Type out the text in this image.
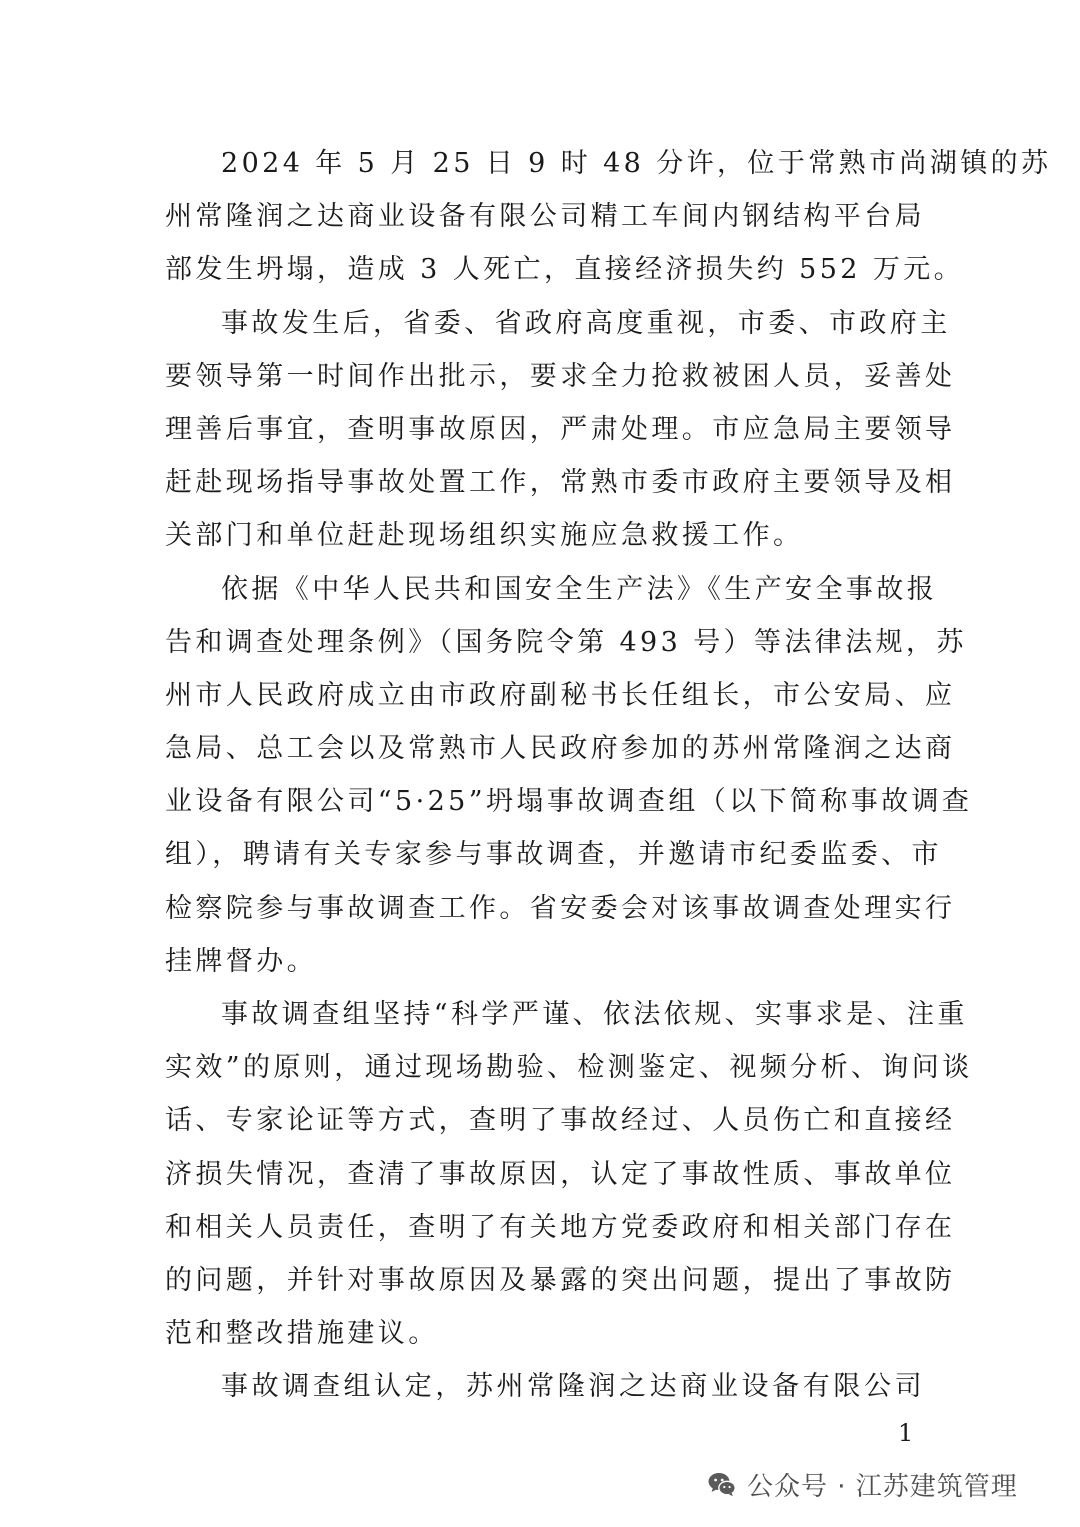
2024 年 5 月 25 日 9 时 48 分许，位于常熟市尚湖镇的苏
州常隆润之达商业设备有限公司精工车间内钢结构平台局
部发生坍塌，造成 3 人死亡，直接经济损失约 552 万元。
事故发生后，省委、省政府高度重视，市委、市政府主
要领导第一时间作出批示，要求全力抢救被困人员，妥善处
理善后事宜，查明事故原因，严肃处理。市应急局主要领导
赶赴现场指导事故处置工作，常熟市委市政府主要领导及相
关部门和单位赶赴现场组织实施应急救援工作。
依据《中华人民共和国安全生产法》《生产安全事故报
告和调查处理条例》（国务院令第 493 号）等法律法规，苏
州市人民政府成立由市政府副秘书长任组长，市公安局、应
急局、总工会以及常熟市人民政府参加的苏州常隆润之达商
业设备有限公司“5·25”坍塌事故调查组（以下简称事故调查
组），聘请有关专家参与事故调查，并邀请市纪委监委、市
检察院参与事故调查工作。省安委会对该事故调查处理实行
挂牌督办。
事故调查组坚持“科学严谨、依法依规、实事求是、注重
实效”的原则，通过现场勘验、检测鉴定、视频分析、询问谈
话、专家论证等方式，查明了事故经过、人员伤亡和直接经
济损失情况，查清了事故原因，认定了事故性质、事故单位
和相关人员责任，查明了有关地方党委政府和相关部门存在
的问题，并针对事故原因及暴露的突出问题，提出了事故防
范和整改措施建议。
事故调查组认定，苏州常隆润之达商业设备有限公司
1
公众号 · 江苏建筑管理
